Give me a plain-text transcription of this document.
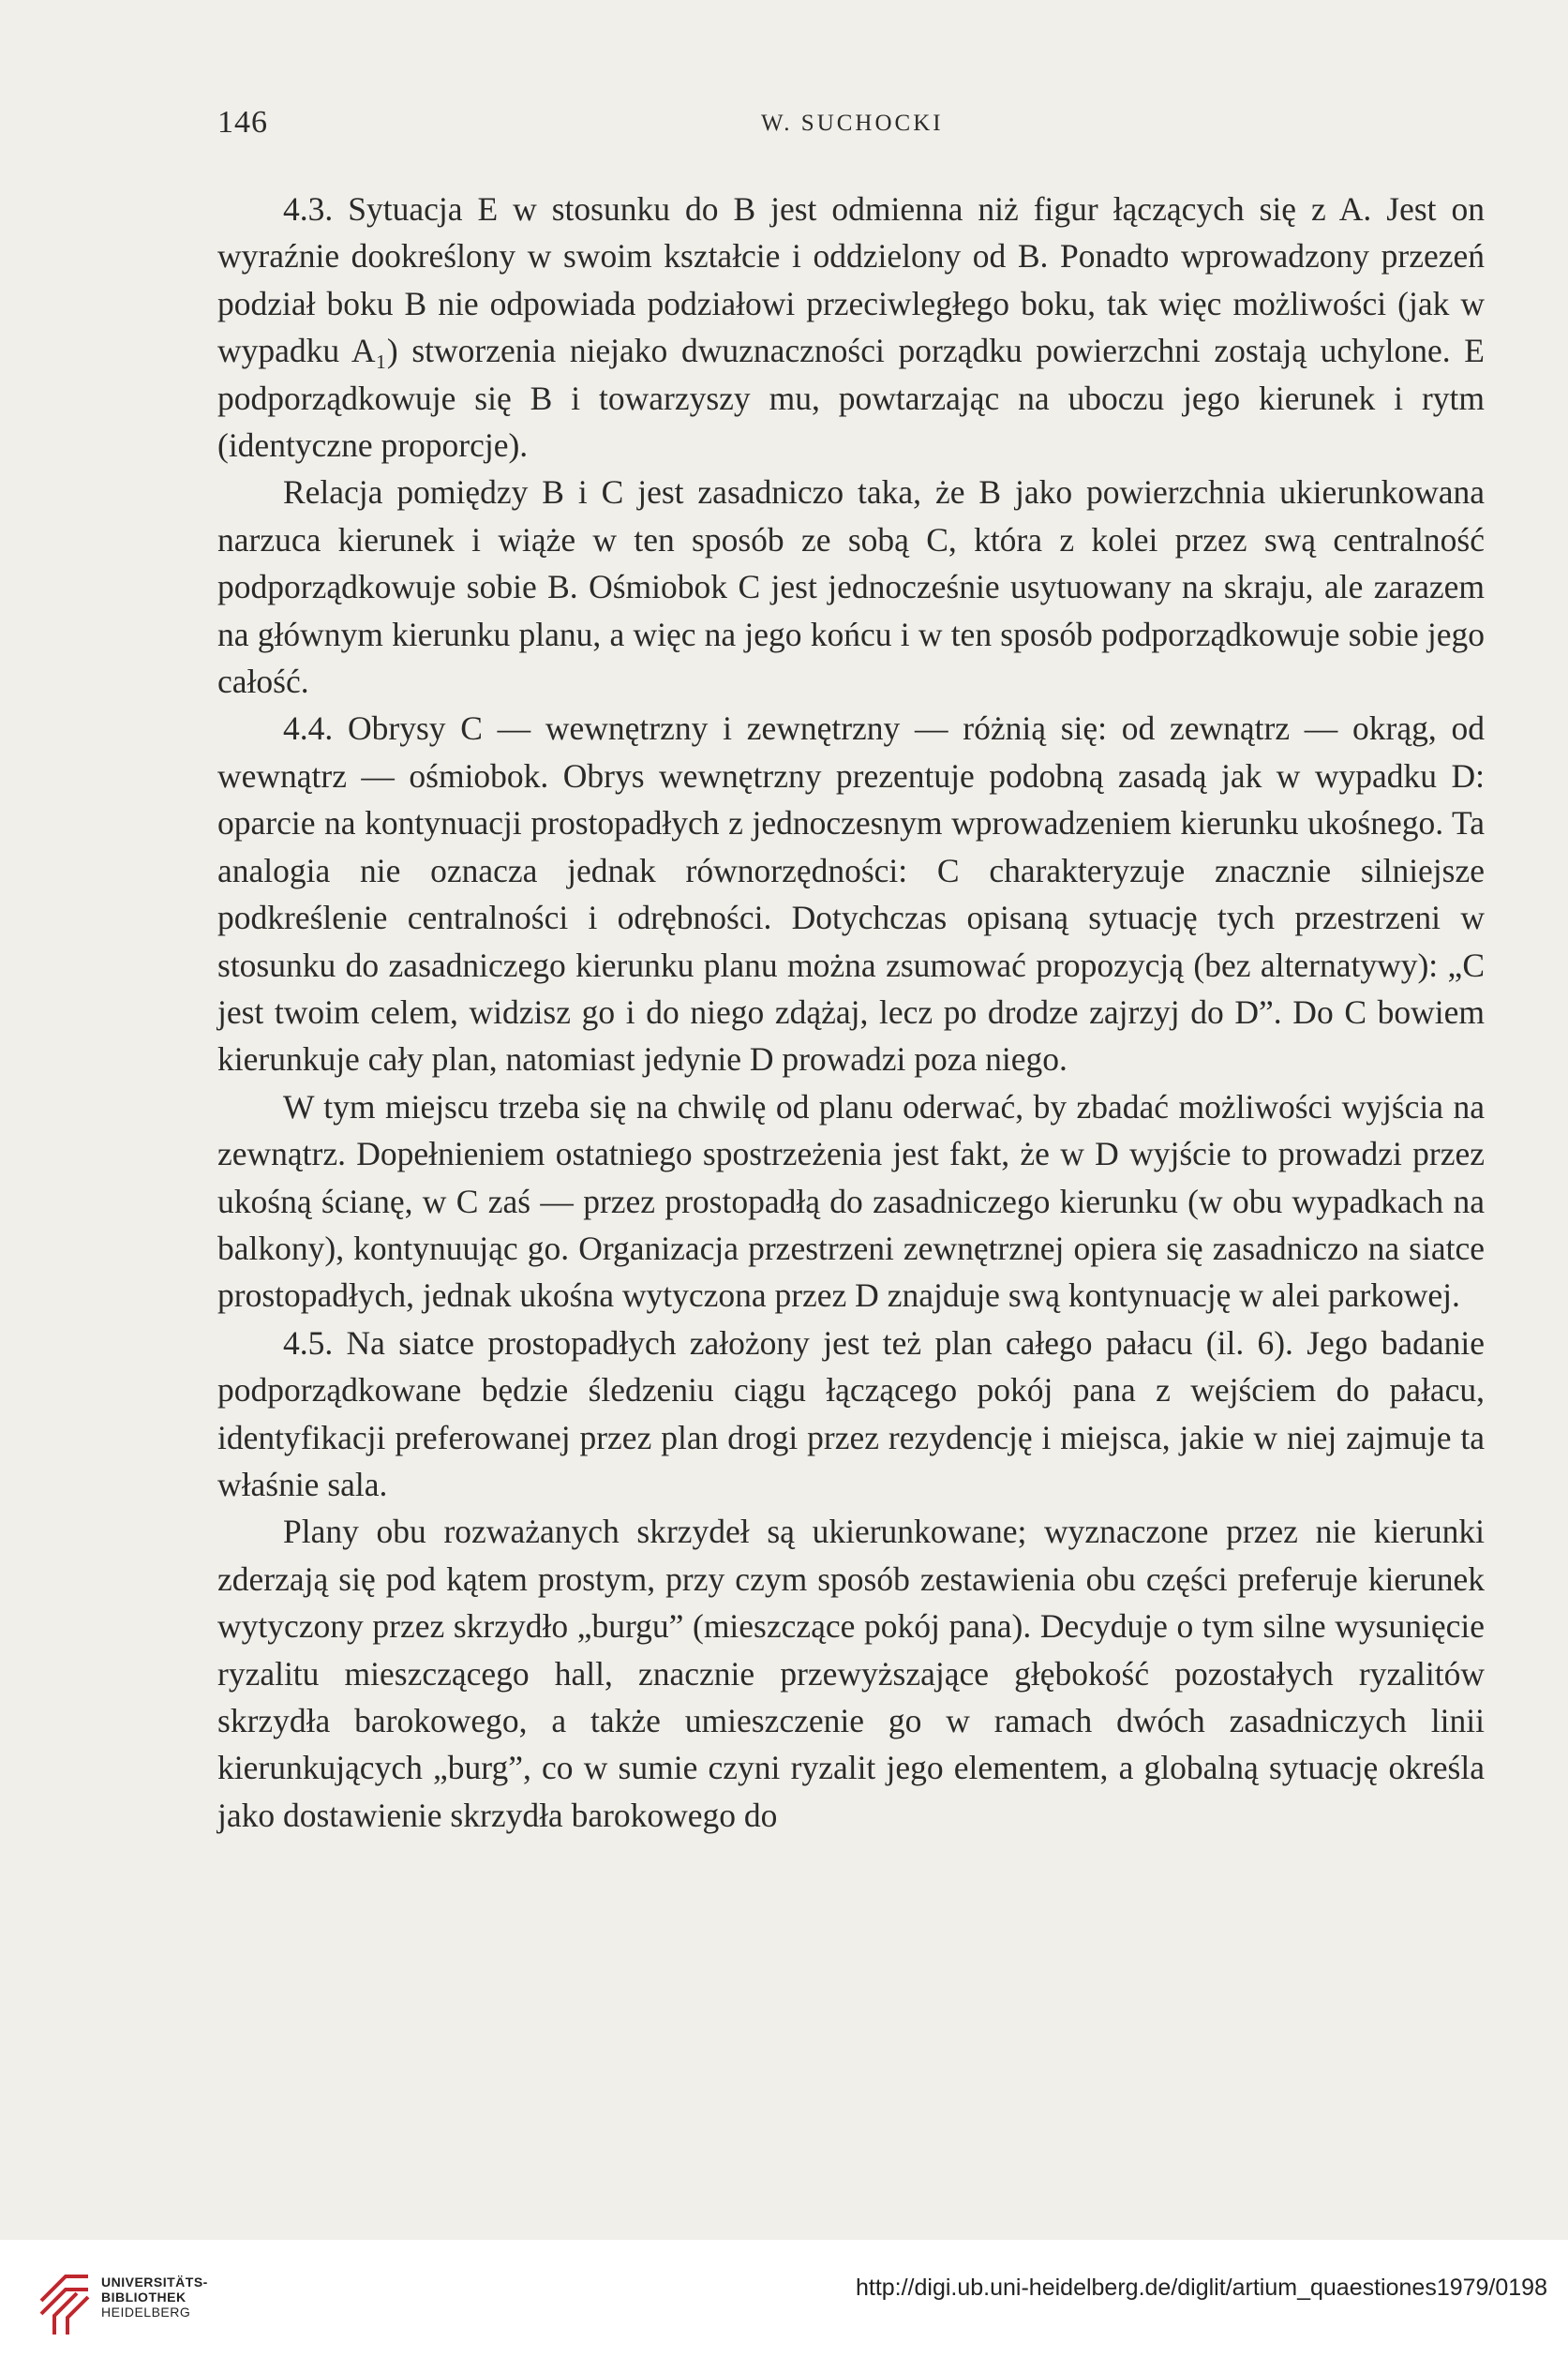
146	W. SUCHOCKI

4.3. Sytuacja E w stosunku do B jest odmienna niż figur łączących się z A. Jest on wyraźnie dookreślony w swoim kształcie i oddzielony od B. Ponadto wprowadzony przezeń podział boku B nie odpowiada podziałowi przeciwległego boku, tak więc możliwości (jak w wypadku A₁) stworzenia niejako dwuznaczności porządku powierzchni zostają uchylone. E podporządkowuje się B i towarzyszy mu, powtarzając na uboczu jego kierunek i rytm (identyczne proporcje).

Relacja pomiędzy B i C jest zasadniczo taka, że B jako powierzchnia ukierunkowana narzuca kierunek i wiąże w ten sposób ze sobą C, która z kolei przez swą centralność podporządkowuje sobie B. Ośmiobok C jest jednocześnie usytuowany na skraju, ale zarazem na głównym kierunku planu, a więc na jego końcu i w ten sposób podporządkowuje sobie jego całość.

4.4. Obrysy C — wewnętrzny i zewnętrzny — różnią się: od zewnątrz — okrąg, od wewnątrz — ośmiobok. Obrys wewnętrzny prezentuje podobną zasadą jak w wypadku D: oparcie na kontynuacji prostopadłych z jednoczesnym wprowadzeniem kierunku ukośnego. Ta analogia nie oznacza jednak równorzędności: C charakteryzuje znacznie silniejsze podkreślenie centralności i odrębności. Dotychczas opisaną sytuację tych przestrzeni w stosunku do zasadniczego kierunku planu można zsumować propozycją (bez alternatywy): „C jest twoim celem, widzisz go i do niego zdążaj, lecz po drodze zajrzyj do D”. Do C bowiem kierunkuje cały plan, natomiast jedynie D prowadzi poza niego.

W tym miejscu trzeba się na chwilę od planu oderwać, by zbadać możliwości wyjścia na zewnątrz. Dopełnieniem ostatniego spostrzeżenia jest fakt, że w D wyjście to prowadzi przez ukośną ścianę, w C zaś — przez prostopadłą do zasadniczego kierunku (w obu wypadkach na balkony), kontynuując go. Organizacja przestrzeni zewnętrznej opiera się zasadniczo na siatce prostopadłych, jednak ukośna wytyczona przez D znajduje swą kontynuację w alei parkowej.

4.5. Na siatce prostopadłych założony jest też plan całego pałacu (il. 6). Jego badanie podporządkowane będzie śledzeniu ciągu łączącego pokój pana z wejściem do pałacu, identyfikacji preferowanej przez plan drogi przez rezydencję i miejsca, jakie w niej zajmuje ta właśnie sala.

Plany obu rozważanych skrzydeł są ukierunkowane; wyznaczone przez nie kierunki zderzają się pod kątem prostym, przy czym sposób zestawienia obu części preferuje kierunek wytyczony przez skrzydło „burgu” (mieszczące pokój pana). Decyduje o tym silne wysunięcie ryzalitu mieszczącego hall, znacznie przewyższające głębokość pozostałych ryzalitów skrzydła barokowego, a także umieszczenie go w ramach dwóch zasadniczych linii kierunkujących „burg”, co w sumie czyni ryzalit jego elementem, a globalną sytuację określa jako dostawienie skrzydła barokowego do

UNIVERSITÄTS-
BIBLIOTHEK
HEIDELBERG
http://digi.ub.uni-heidelberg.de/diglit/artium_quaestiones1979/0198
